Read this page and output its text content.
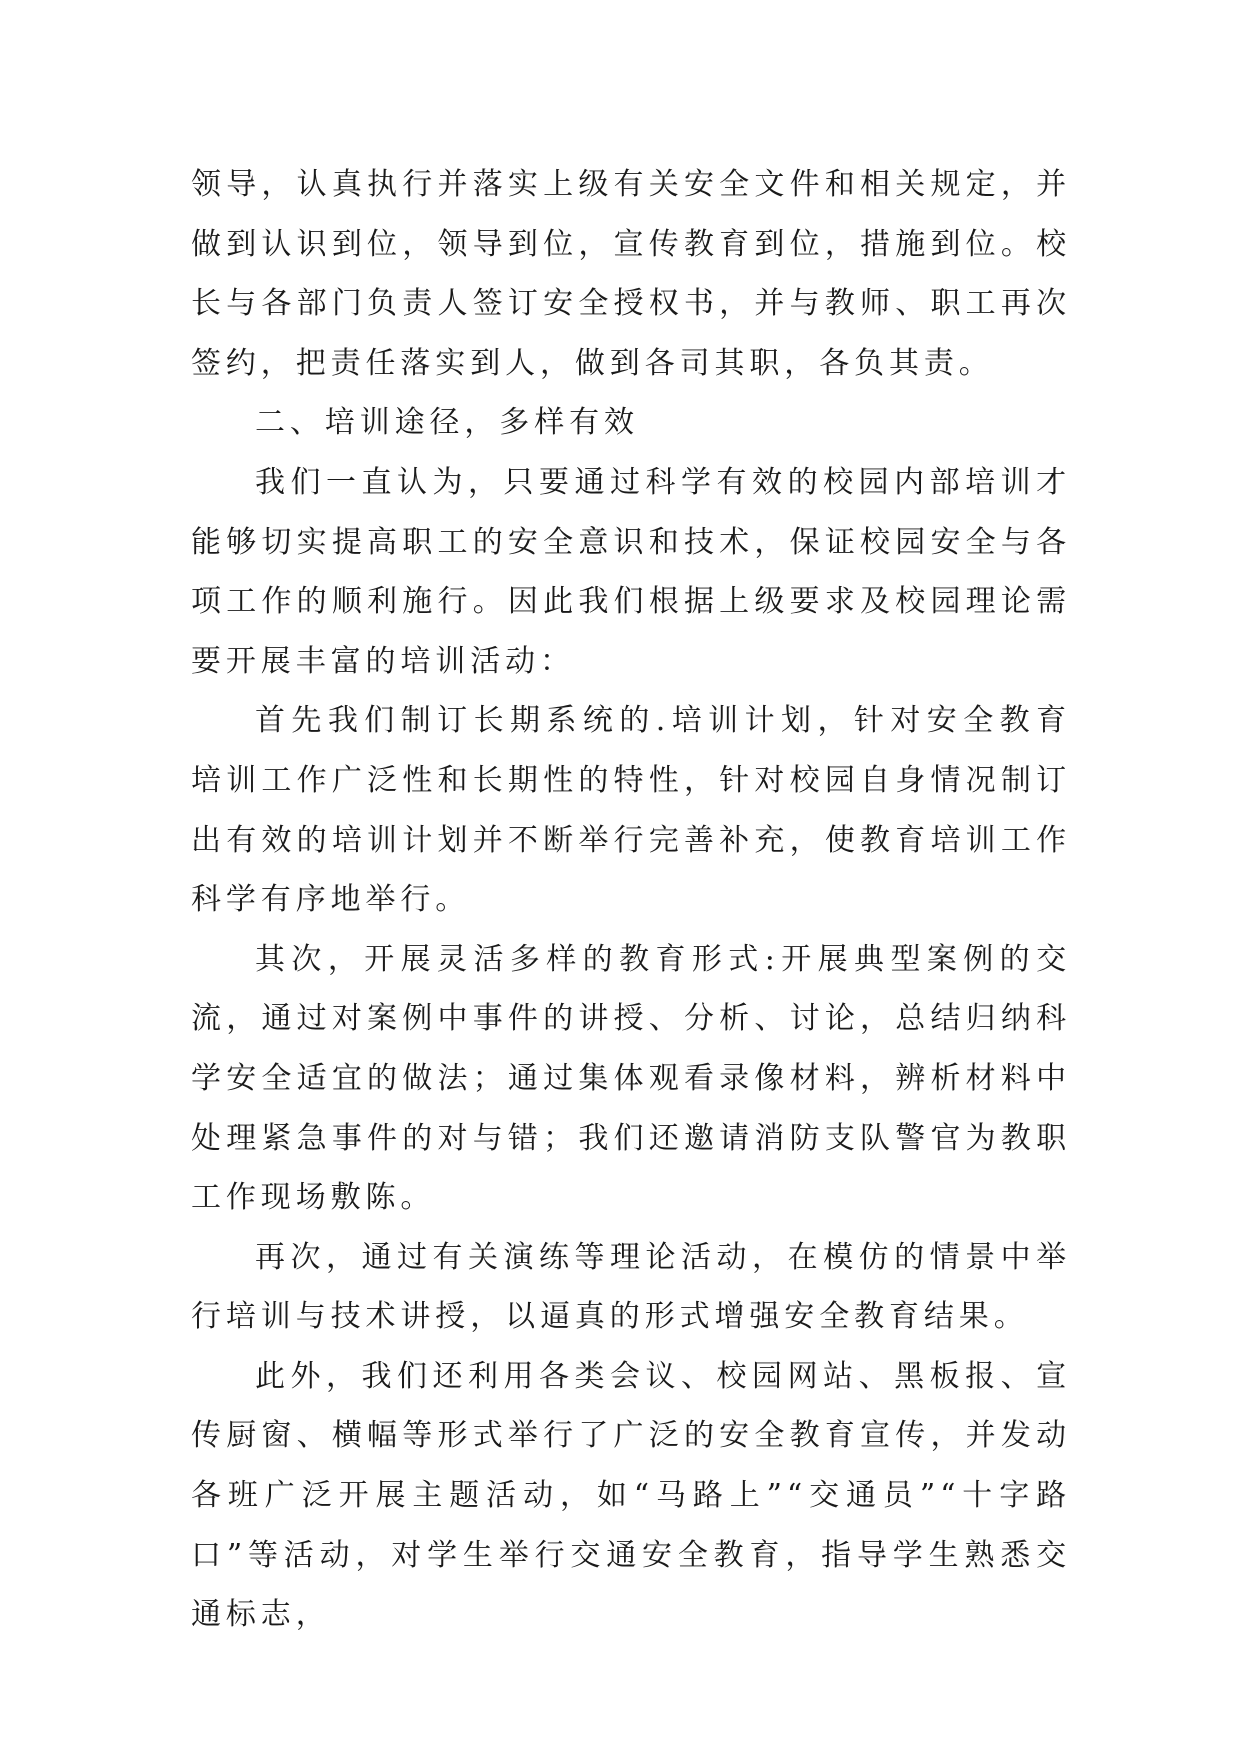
领导，认真执行并落实上级有关安全文件和相关规定，并做到认识到位，领导到位，宣传教育到位，措施到位。校长与各部门负责人签订安全授权书，并与教师、职工再次签约，把责任落实到人，做到各司其职，各负其责。

二、培训途径，多样有效

我们一直认为，只要通过科学有效的校园内部培训才能够切实提高职工的安全意识和技术，保证校园安全与各项工作的顺利施行。因此我们根据上级要求及校园理论需要开展丰富的培训活动：

首先我们制订长期系统的.培训计划，针对安全教育培训工作广泛性和长期性的特性，针对校园自身情况制订出有效的培训计划并不断举行完善补充，使教育培训工作科学有序地举行。

其次，开展灵活多样的教育形式:开展典型案例的交流，通过对案例中事件的讲授、分析、讨论，总结归纳科学安全适宜的做法；通过集体观看录像材料，辨析材料中处理紧急事件的对与错；我们还邀请消防支队警官为教职工作现场敷陈。

再次，通过有关演练等理论活动，在模仿的情景中举行培训与技术讲授，以逼真的形式增强安全教育结果。

此外，我们还利用各类会议、校园网站、黑板报、宣传厨窗、横幅等形式举行了广泛的安全教育宣传，并发动各班广泛开展主题活动，如“马路上”“交通员”“十字路口”等活动，对学生举行交通安全教育，指导学生熟悉交通标志，
